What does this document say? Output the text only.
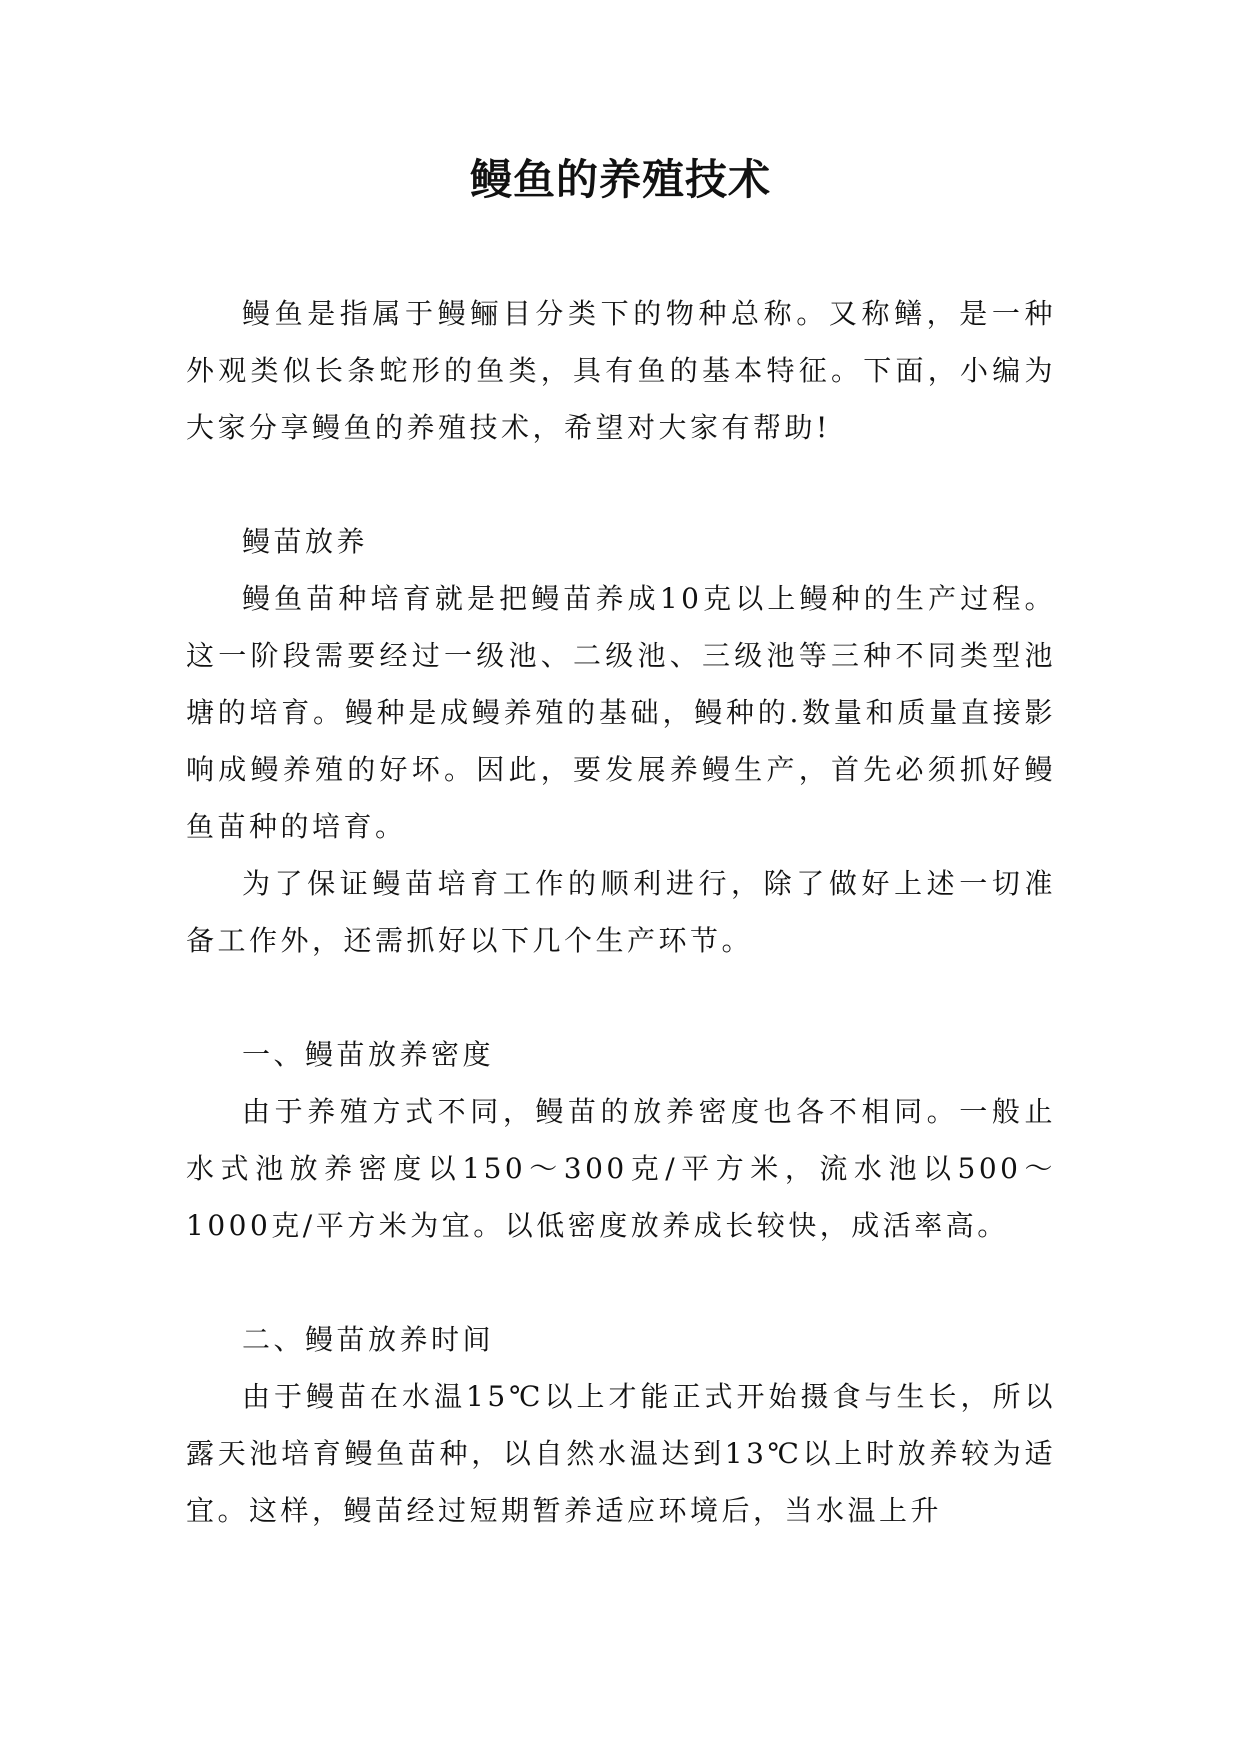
鳗鱼的养殖技术

鳗鱼是指属于鳗鲡目分类下的物种总称。又称鳝，是一种外观类似长条蛇形的鱼类，具有鱼的基本特征。下面，小编为大家分享鳗鱼的养殖技术，希望对大家有帮助!

鳗苗放养

鳗鱼苗种培育就是把鳗苗养成10克以上鳗种的生产过程。这一阶段需要经过一级池、二级池、三级池等三种不同类型池塘的培育。鳗种是成鳗养殖的基础，鳗种的.数量和质量直接影响成鳗养殖的好坏。因此，要发展养鳗生产，首先必须抓好鳗鱼苗种的培育。

为了保证鳗苗培育工作的顺利进行，除了做好上述一切准备工作外，还需抓好以下几个生产环节。

一、鳗苗放养密度

由于养殖方式不同，鳗苗的放养密度也各不相同。一般止水式池放养密度以150～300克/平方米，流水池以500～1000克/平方米为宜。以低密度放养成长较快，成活率高。

二、鳗苗放养时间

由于鳗苗在水温15℃以上才能正式开始摄食与生长，所以露天池培育鳗鱼苗种，以自然水温达到13℃以上时放养较为适宜。这样，鳗苗经过短期暂养适应环境后，当水温上升
